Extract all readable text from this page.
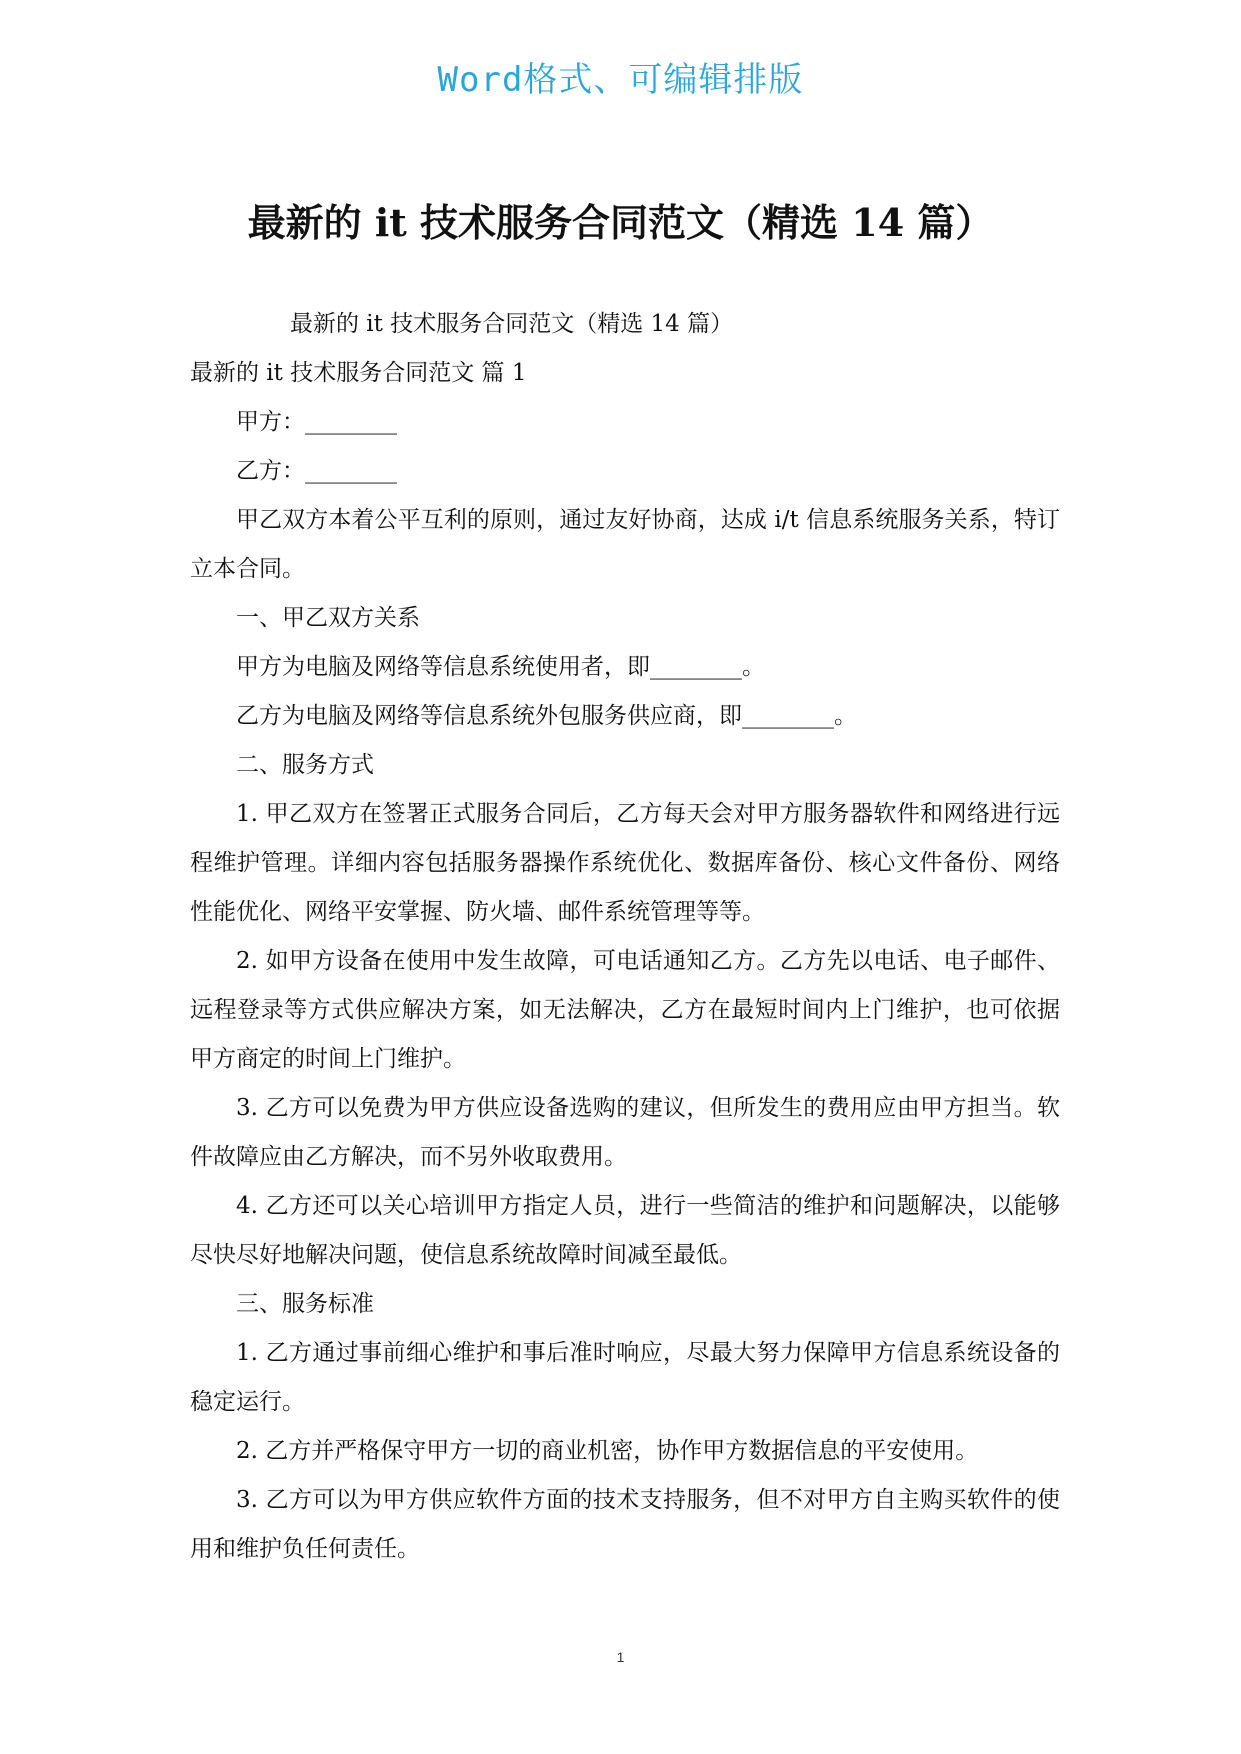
Word格式、可编辑排版
最新的 it 技术服务合同范文（精选 14 篇）

最新的 it 技术服务合同范文（精选 14 篇）

最新的 it 技术服务合同范文 篇 1

甲方：________

乙方：________

甲乙双方本着公平互利的原则，通过友好协商，达成 i/t 信息系统服务关系，特订立本合同。

一、甲乙双方关系

甲方为电脑及网络等信息系统使用者，即________。

乙方为电脑及网络等信息系统外包服务供应商，即________。

二、服务方式

1. 甲乙双方在签署正式服务合同后，乙方每天会对甲方服务器软件和网络进行远程维护管理。详细内容包括服务器操作系统优化、数据库备份、核心文件备份、网络性能优化、网络平安掌握、防火墙、邮件系统管理等等。

2. 如甲方设备在使用中发生故障，可电话通知乙方。乙方先以电话、电子邮件、远程登录等方式供应解决方案，如无法解决，乙方在最短时间内上门维护，也可依据甲方商定的时间上门维护。

3. 乙方可以免费为甲方供应设备选购的建议，但所发生的费用应由甲方担当。软件故障应由乙方解决，而不另外收取费用。

4. 乙方还可以关心培训甲方指定人员，进行一些简洁的维护和问题解决，以能够尽快尽好地解决问题，使信息系统故障时间减至最低。

三、服务标准

1. 乙方通过事前细心维护和事后准时响应，尽最大努力保障甲方信息系统设备的稳定运行。

2. 乙方并严格保守甲方一切的商业机密，协作甲方数据信息的平安使用。

3. 乙方可以为甲方供应软件方面的技术支持服务，但不对甲方自主购买软件的使用和维护负任何责任。

1
